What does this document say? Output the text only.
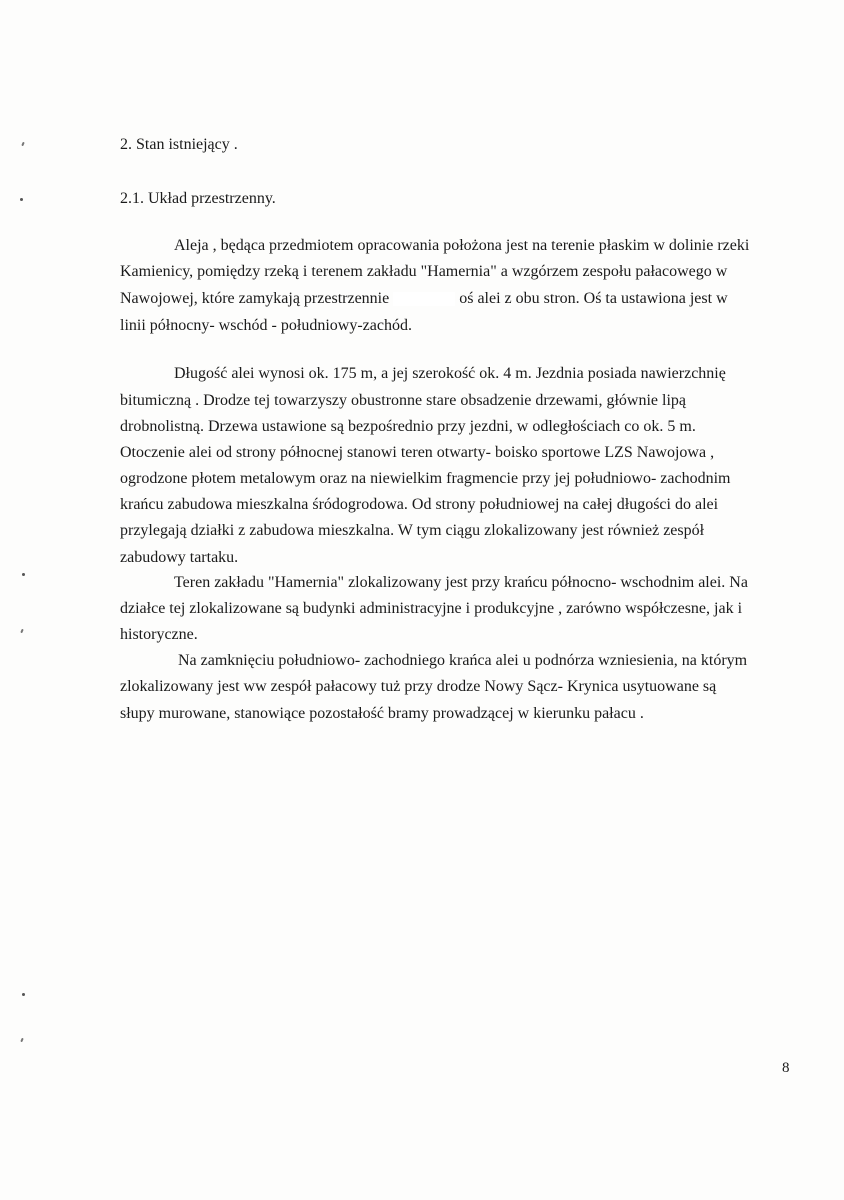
2. Stan istniejący .
2.1. Układ przestrzenny.
Aleja , będąca przedmiotem opracowania położona jest na terenie płaskim w dolinie rzeki
Kamienicy, pomiędzy rzeką i terenem zakładu "Hamernia" a wzgórzem zespołu pałacowego w
Nawojowej, które zamykają przestrzennie	oś alei z obu stron. Oś ta ustawiona jest w
linii północny- wschód - południowy-zachód.
Długość alei wynosi ok. 175 m, a jej szerokość ok. 4 m. Jezdnia posiada nawierzchnię
bitumiczną . Drodze tej towarzyszy obustronne stare obsadzenie drzewami, głównie lipą
drobnolistną. Drzewa ustawione są bezpośrednio przy jezdni, w odległościach co ok. 5 m.
Otoczenie alei od strony północnej stanowi teren otwarty- boisko sportowe LZS Nawojowa ,
ogrodzone płotem metalowym oraz na niewielkim fragmencie przy jej południowo- zachodnim
krańcu zabudowa mieszkalna śródogrodowa. Od strony południowej na całej długości do alei
przylegają działki z zabudowa mieszkalna. W tym ciągu zlokalizowany jest również zespół
zabudowy tartaku.
Teren zakładu "Hamernia" zlokalizowany jest przy krańcu północno- wschodnim alei. Na
działce tej zlokalizowane są budynki administracyjne i produkcyjne , zarówno współczesne, jak i
historyczne.
Na zamknięciu południowo- zachodniego krańca alei u podnórza wzniesienia, na którym
zlokalizowany jest ww zespół pałacowy tuż przy drodze Nowy Sącz- Krynica usytuowane są
słupy murowane, stanowiące pozostałość bramy prowadzącej w kierunku pałacu .
8
